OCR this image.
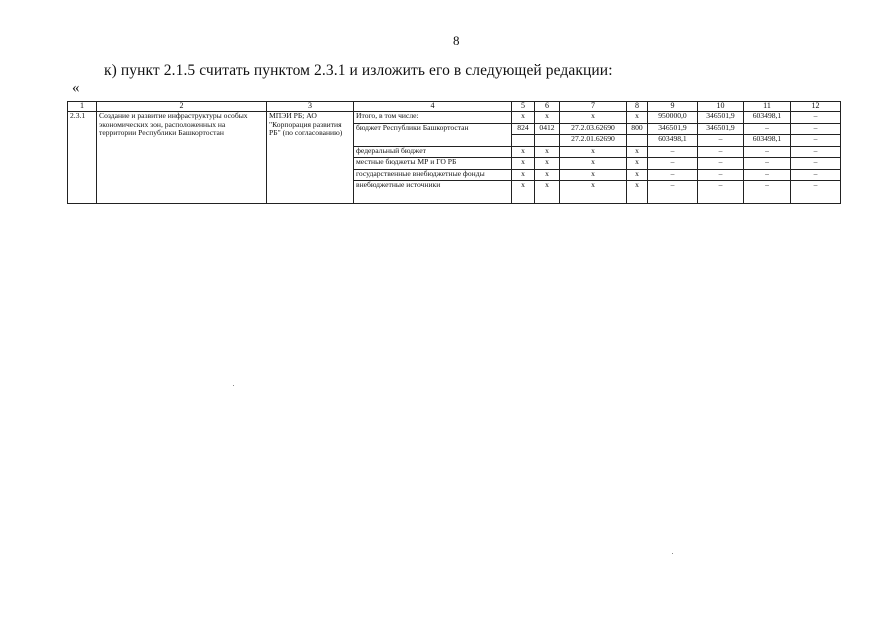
8
к) пункт 2.1.5 считать пунктом 2.3.1 и изложить его в следующей редакции:
«
1	2	3	4	5	6	7	8	9	10	11	12
2.3.1	Создание и развитие инфраструктуры особых экономических зон, расположенных на территории Республики Башкортостан	МПЭИ РБ; АО "Корпорация развития РБ" (по согласованию)	Итого, в том числе:	х	х	х	х	950000,0	346501,9	603498,1	–
			бюджет Республики Башкортостан	824	0412	27.2.03.62690	800	346501,9	346501,9	–	–
						27.2.01.62690		603498,1	–	603498,1	–
			федеральный бюджет	х	х	х	х	–	–	–	–
			местные бюджеты МР и ГО РБ	х	х	х	х	–	–	–	–
			государственные внебюджетные фонды	х	х	х	х	–	–	–	–
			внебюджетные источники	х	х	х	х	–	–	–	–
